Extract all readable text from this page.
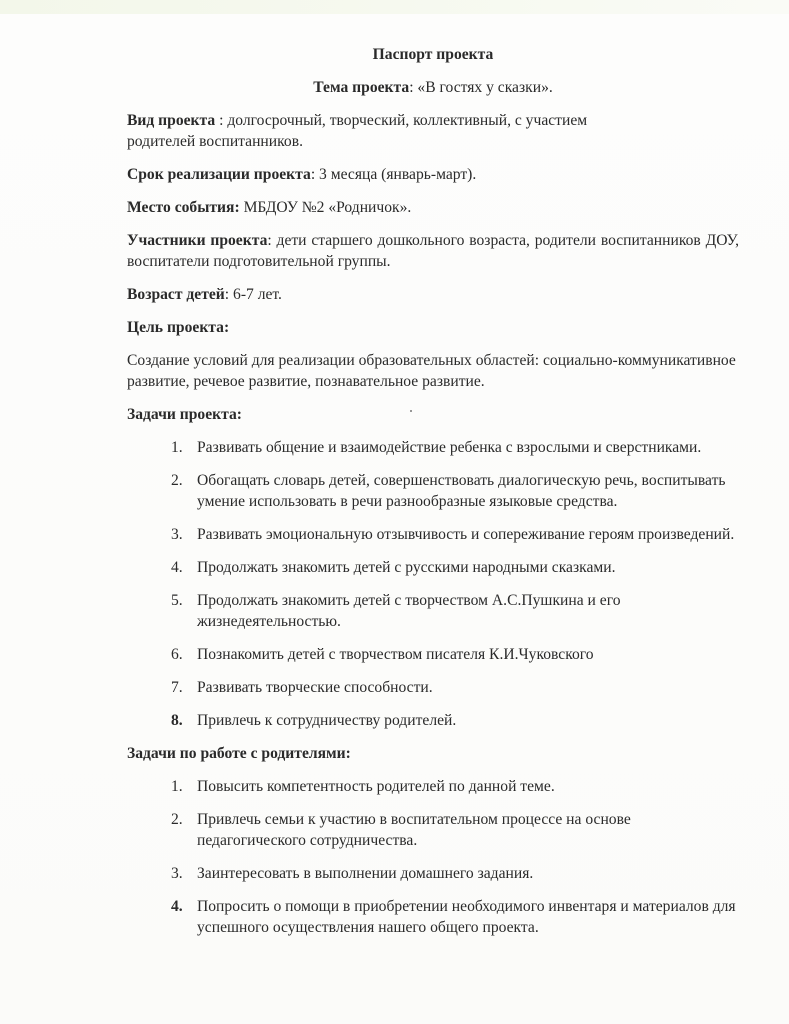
Паспорт проекта

Тема проекта: «В гостях у сказки».

Вид проекта : долгосрочный, творческий, коллективный, с участием
родителей воспитанников.

Срок реализации проекта: 3 месяца (январь-март).

Место события: МБДОУ №2 «Родничок».

Участники проекта: дети старшего дошкольного возраста, родители воспитанников ДОУ, воспитатели подготовительной группы.

Возраст детей: 6-7 лет.

Цель проекта:

Создание условий для реализации образовательных областей: социально-коммуникативное развитие, речевое развитие, познавательное развитие.

Задачи проекта:

1. Развивать общение и взаимодействие ребенка с взрослыми и сверстниками.
2. Обогащать словарь детей, совершенствовать диалогическую речь, воспитывать умение использовать в речи разнообразные языковые средства.
3. Развивать эмоциональную отзывчивость и сопереживание героям произведений.
4. Продолжать знакомить детей с русскими народными сказками.
5. Продолжать знакомить детей с творчеством А.С.Пушкина и его жизнедеятельностью.
6. Познакомить детей с творчеством писателя К.И.Чуковского
7. Развивать творческие способности.
8. Привлечь к сотрудничеству родителей.

Задачи по работе с родителями:

1. Повысить компетентность родителей по данной теме.
2. Привлечь семьи к участию в воспитательном процессе на основе педагогического сотрудничества.
3. Заинтересовать в выполнении домашнего задания.
4. Попросить о помощи в приобретении необходимого инвентаря и материалов для успешного осуществления нашего общего проекта.
